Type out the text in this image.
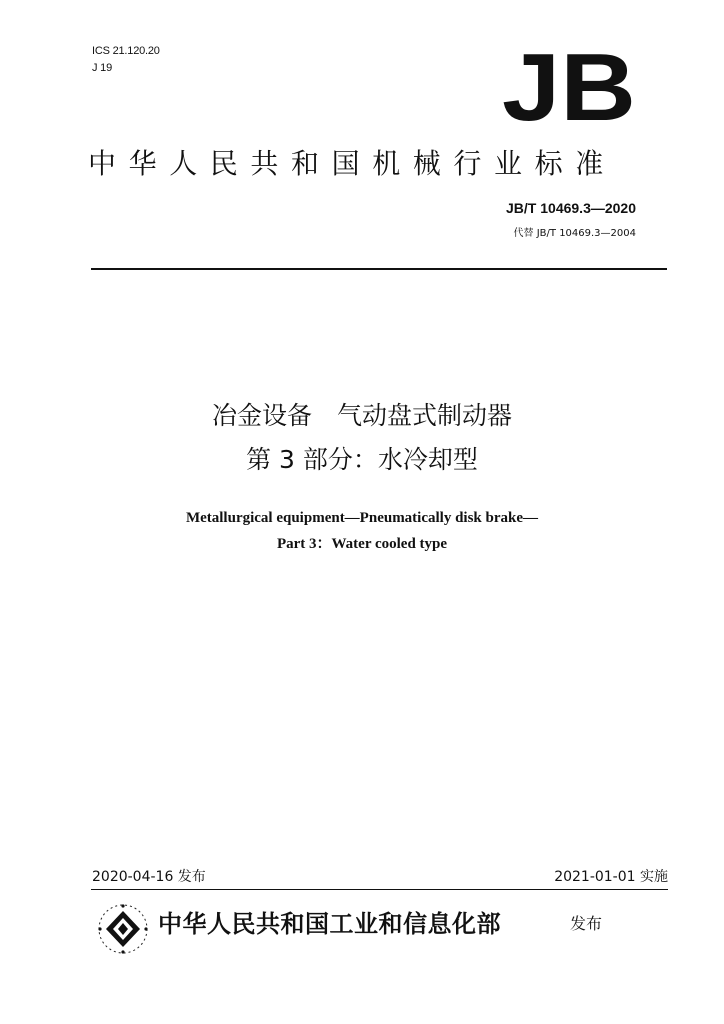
ICS 21.120.20
J 19	JB
中华人民共和国机械行业标准
JB/T 10469.3—2020
代替 JB/T 10469.3—2004
冶金设备　气动盘式制动器
第 3 部分：水冷却型
Metallurgical equipment—Pneumatically disk brake—
Part 3：Water cooled type
2020-04-16 发布	2021-01-01 实施
中华人民共和国工业和信息化部	发布
